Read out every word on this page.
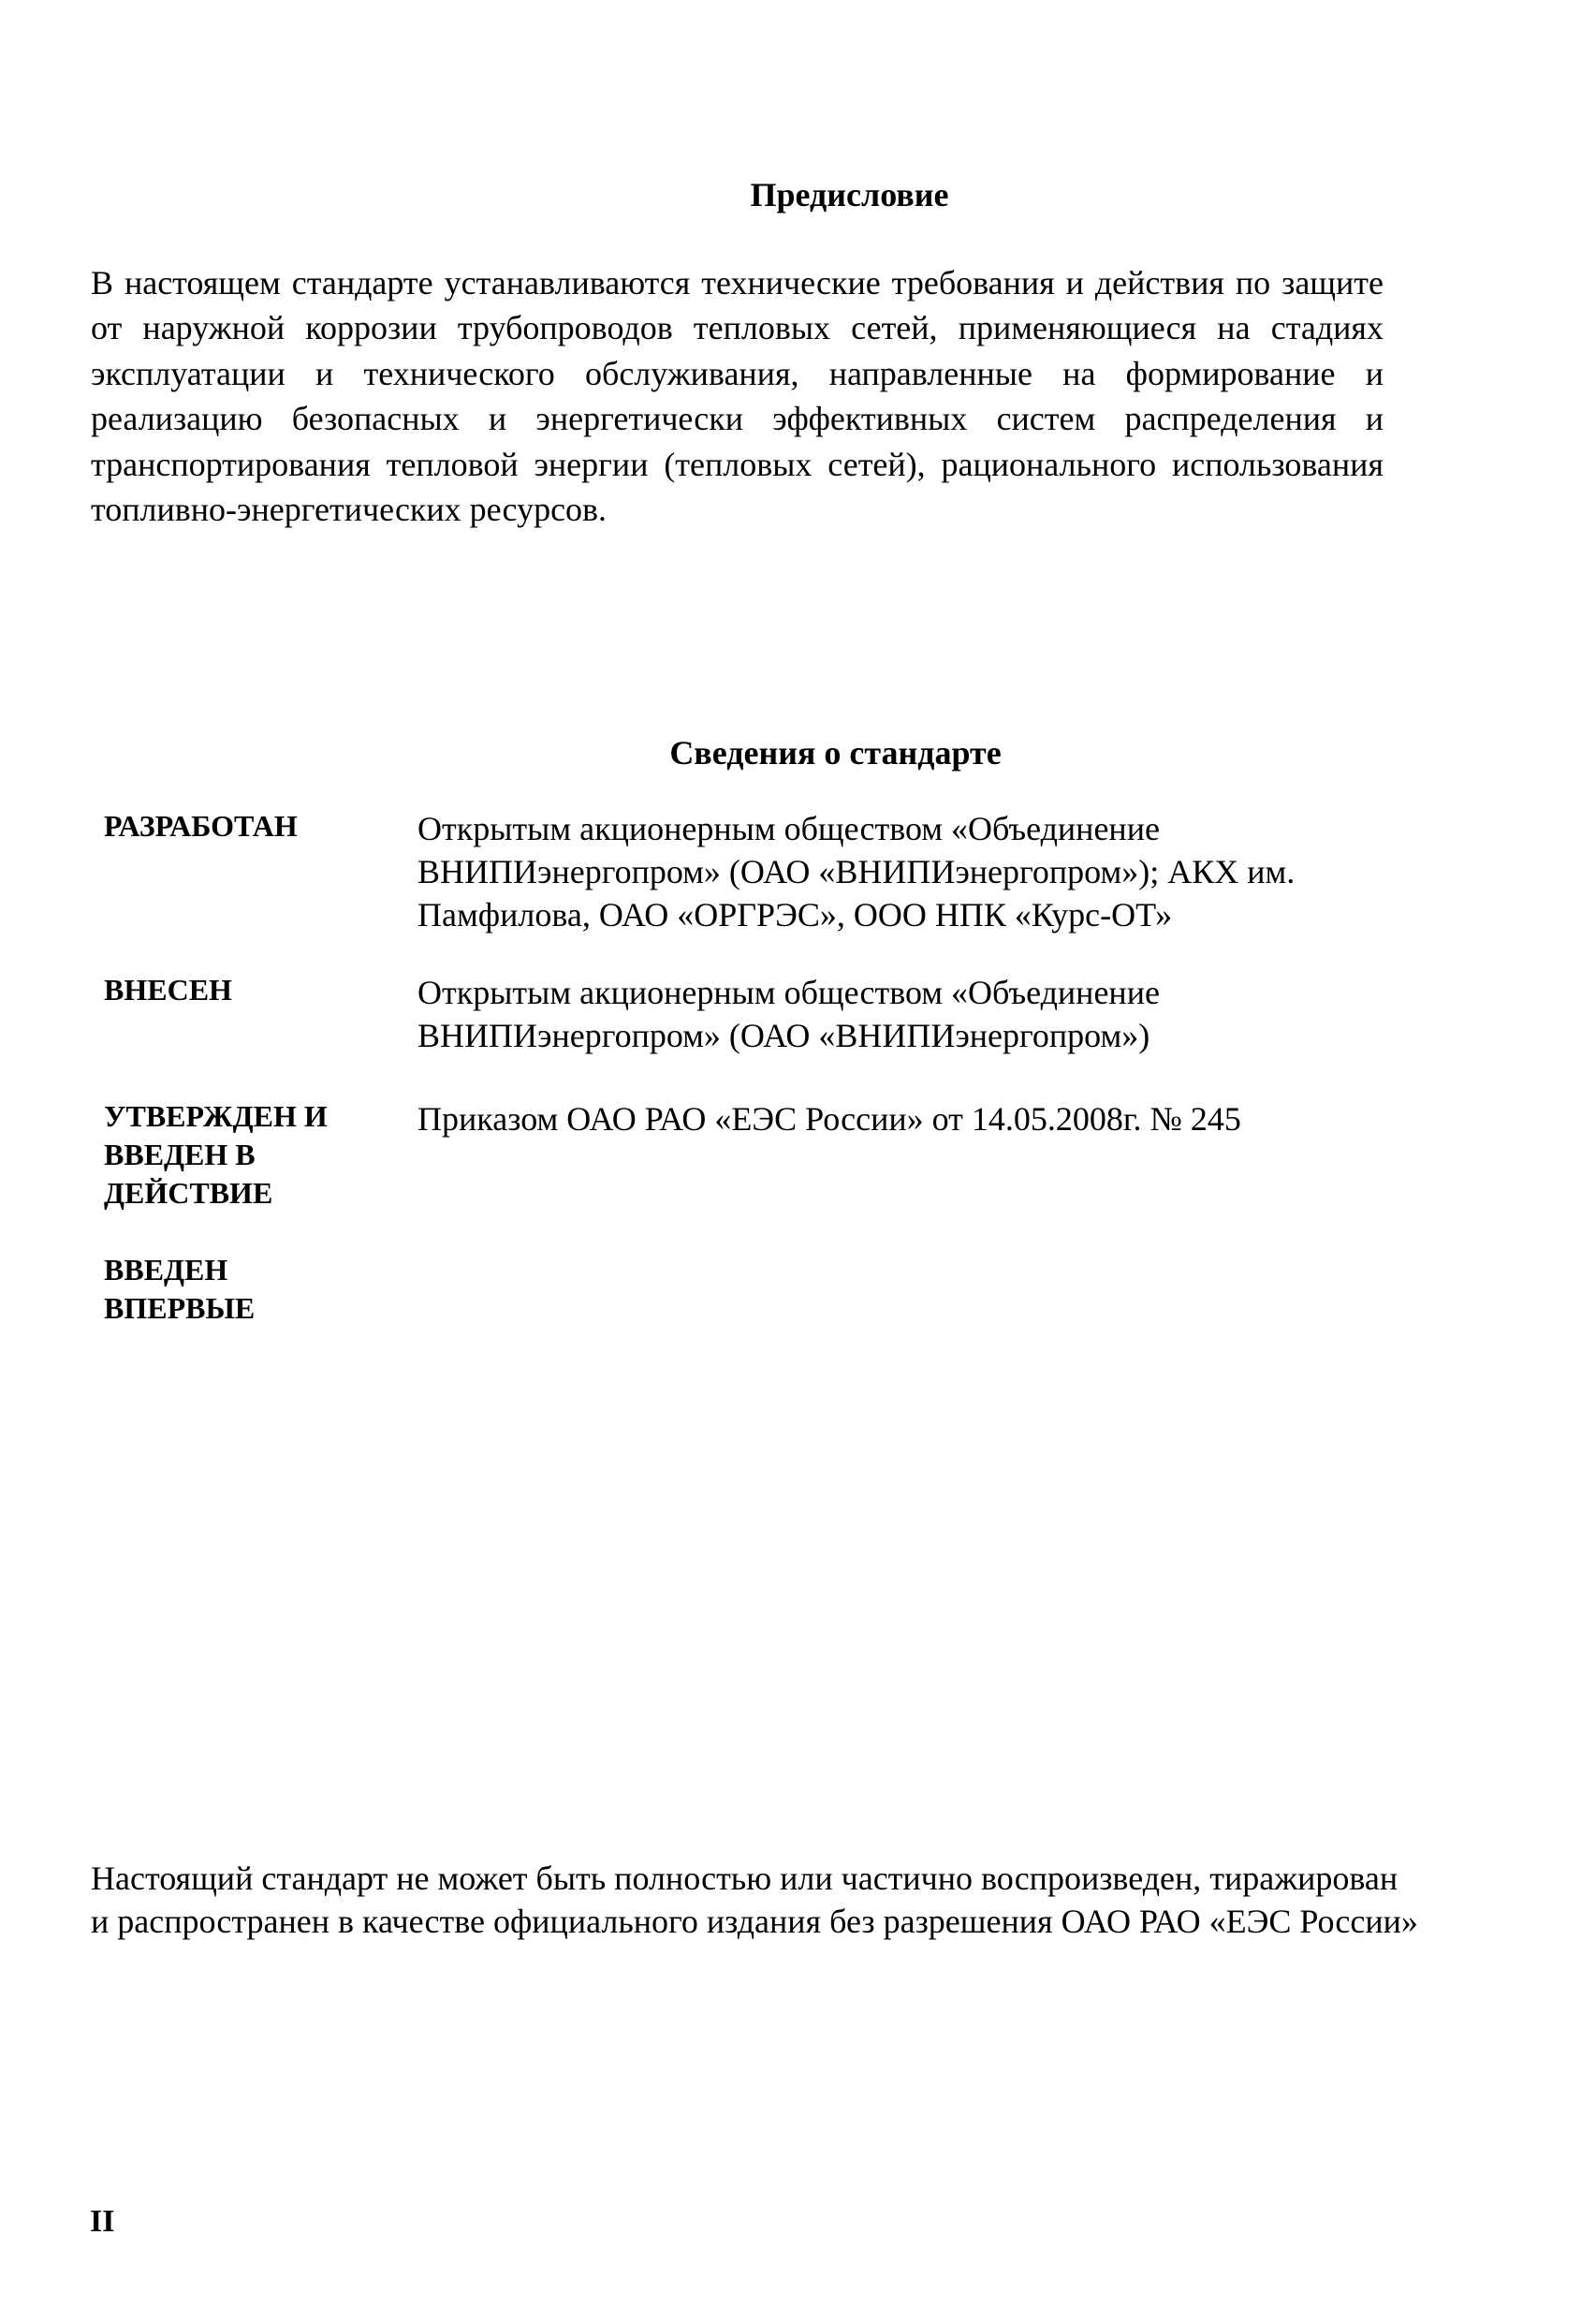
Предисловие
В настоящем стандарте устанавливаются технические требования и действия по защите от наружной коррозии трубопроводов тепловых сетей, применяющиеся на стадиях эксплуатации и технического обслуживания, направленные на формирование и реализацию безопасных и энергетически эффективных систем распределения и транспортирования тепловой энергии (тепловых сетей), рационального использования топливно-энергетических ресурсов.
Сведения о стандарте
РАЗРАБОТАН	Открытым акционерным обществом «Объединение ВНИПИэнергопром» (ОАО «ВНИПИэнергопром»); АКХ им. Памфилова, ОАО «ОРГРЭС», ООО НПК «Курс-ОТ»
ВНЕСЕН	Открытым акционерным обществом «Объединение ВНИПИэнергопром» (ОАО «ВНИПИэнергопром»)
УТВЕРЖДЕН И
ВВЕДЕН В
ДЕЙСТВИЕ
Приказом ОАО РАО «ЕЭС России» от 14.05.2008г. № 245
ВВЕДЕН
ВПЕРВЫЕ
Настоящий стандарт не может быть полностью или частично воспроизведен, тиражирован и распространен в качестве официального издания без разрешения ОАО РАО «ЕЭС России»
II
